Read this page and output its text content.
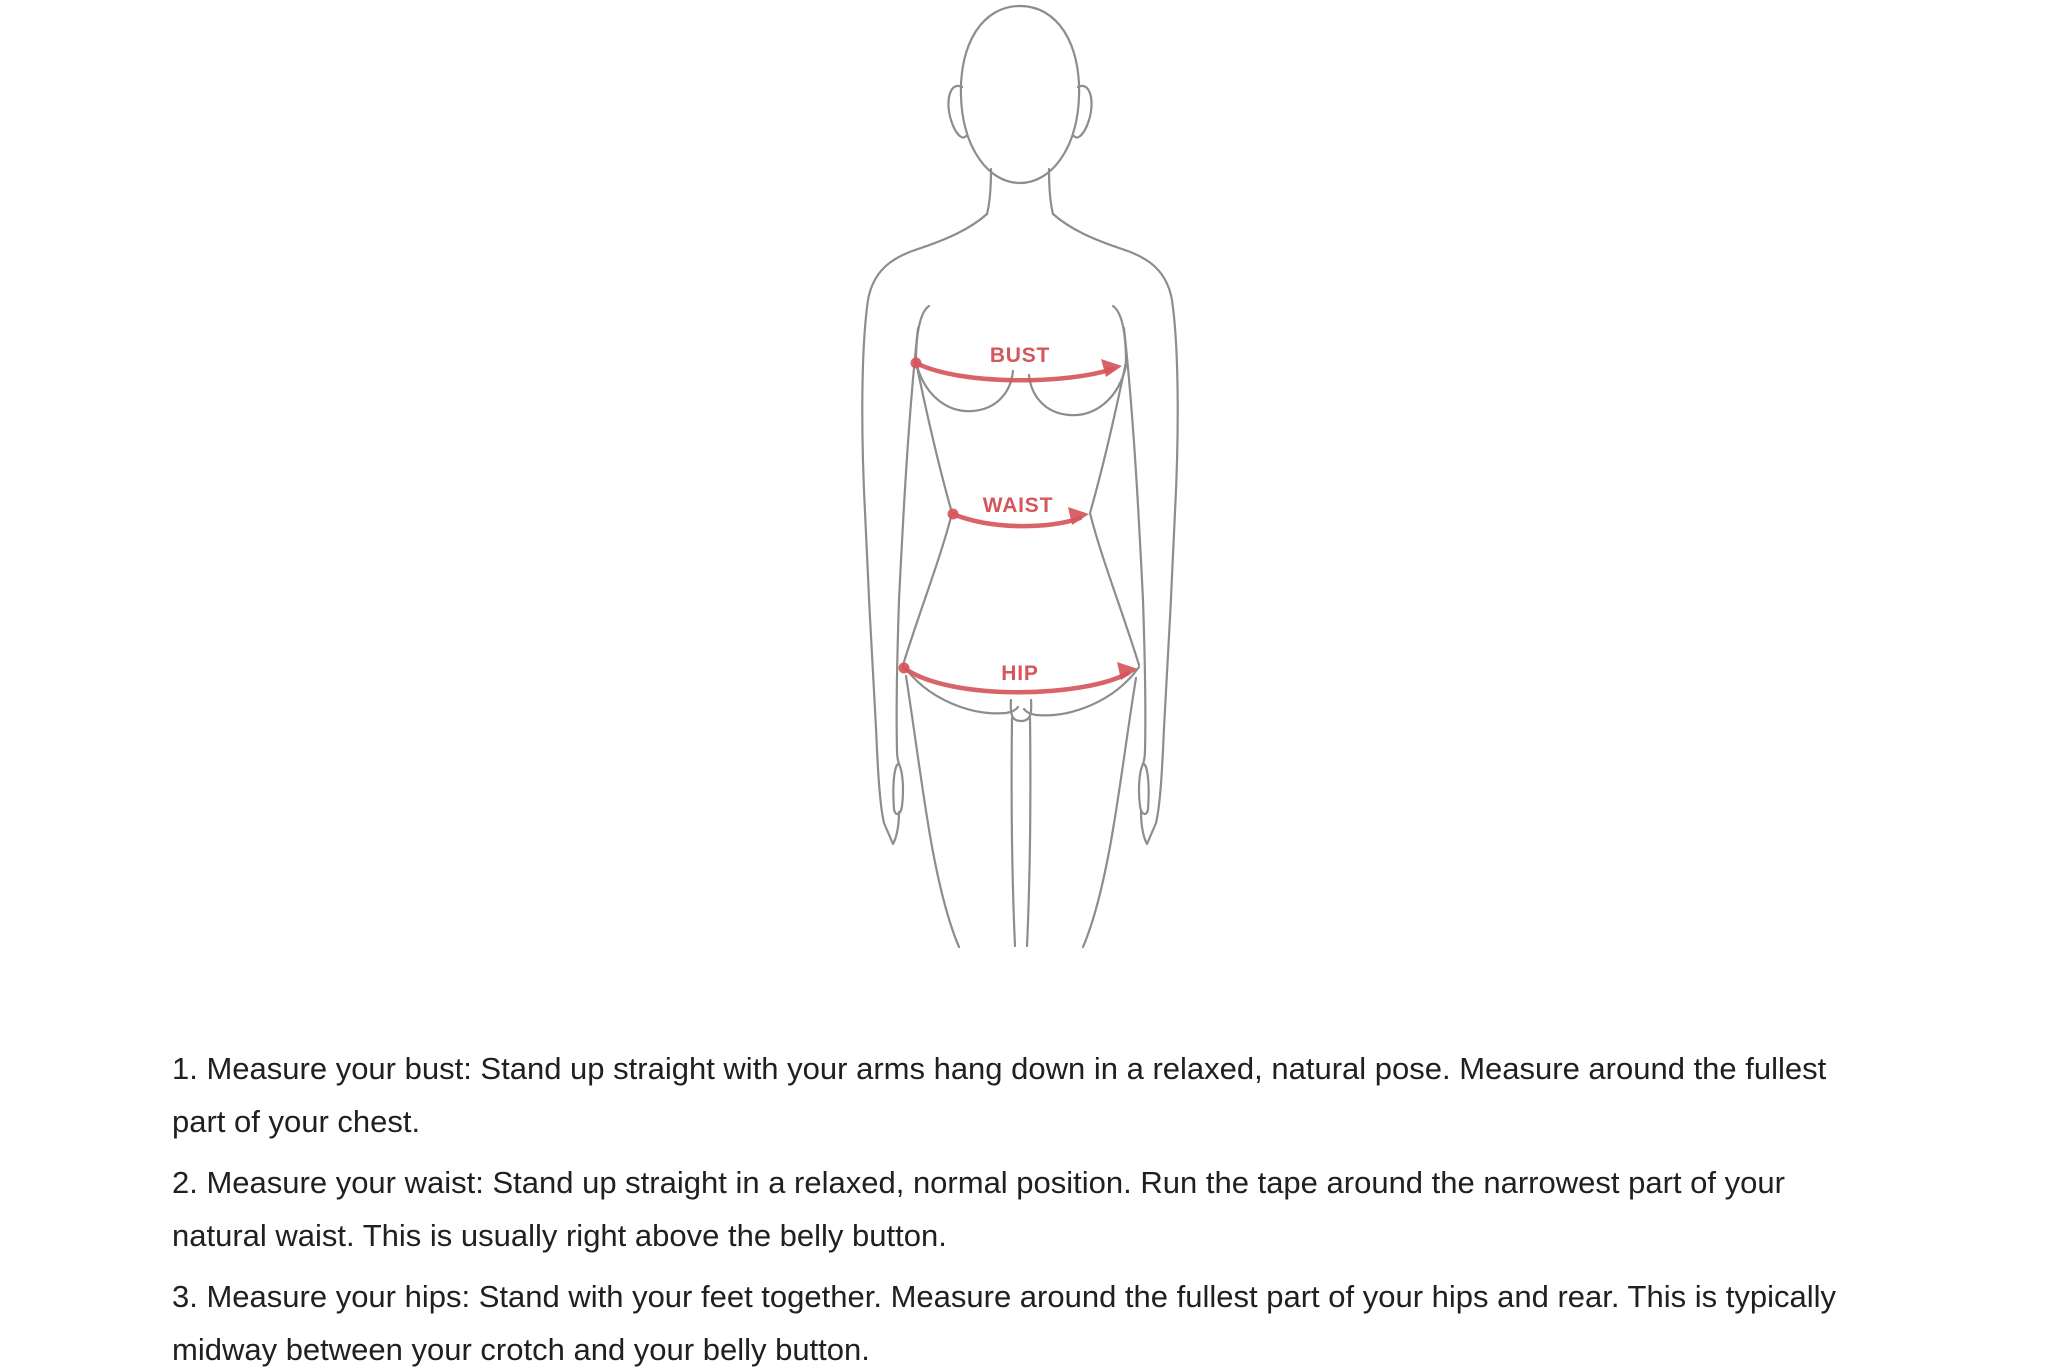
BUST
WAIST
HIP

1. Measure your bust: Stand up straight with your arms hang down in a relaxed, natural pose. Measure around the fullest
part of your chest.

2. Measure your waist: Stand up straight in a relaxed, normal position. Run the tape around the narrowest part of your
natural waist. This is usually right above the belly button.

3. Measure your hips: Stand with your feet together. Measure around the fullest part of your hips and rear. This is typically
midway between your crotch and your belly button.
